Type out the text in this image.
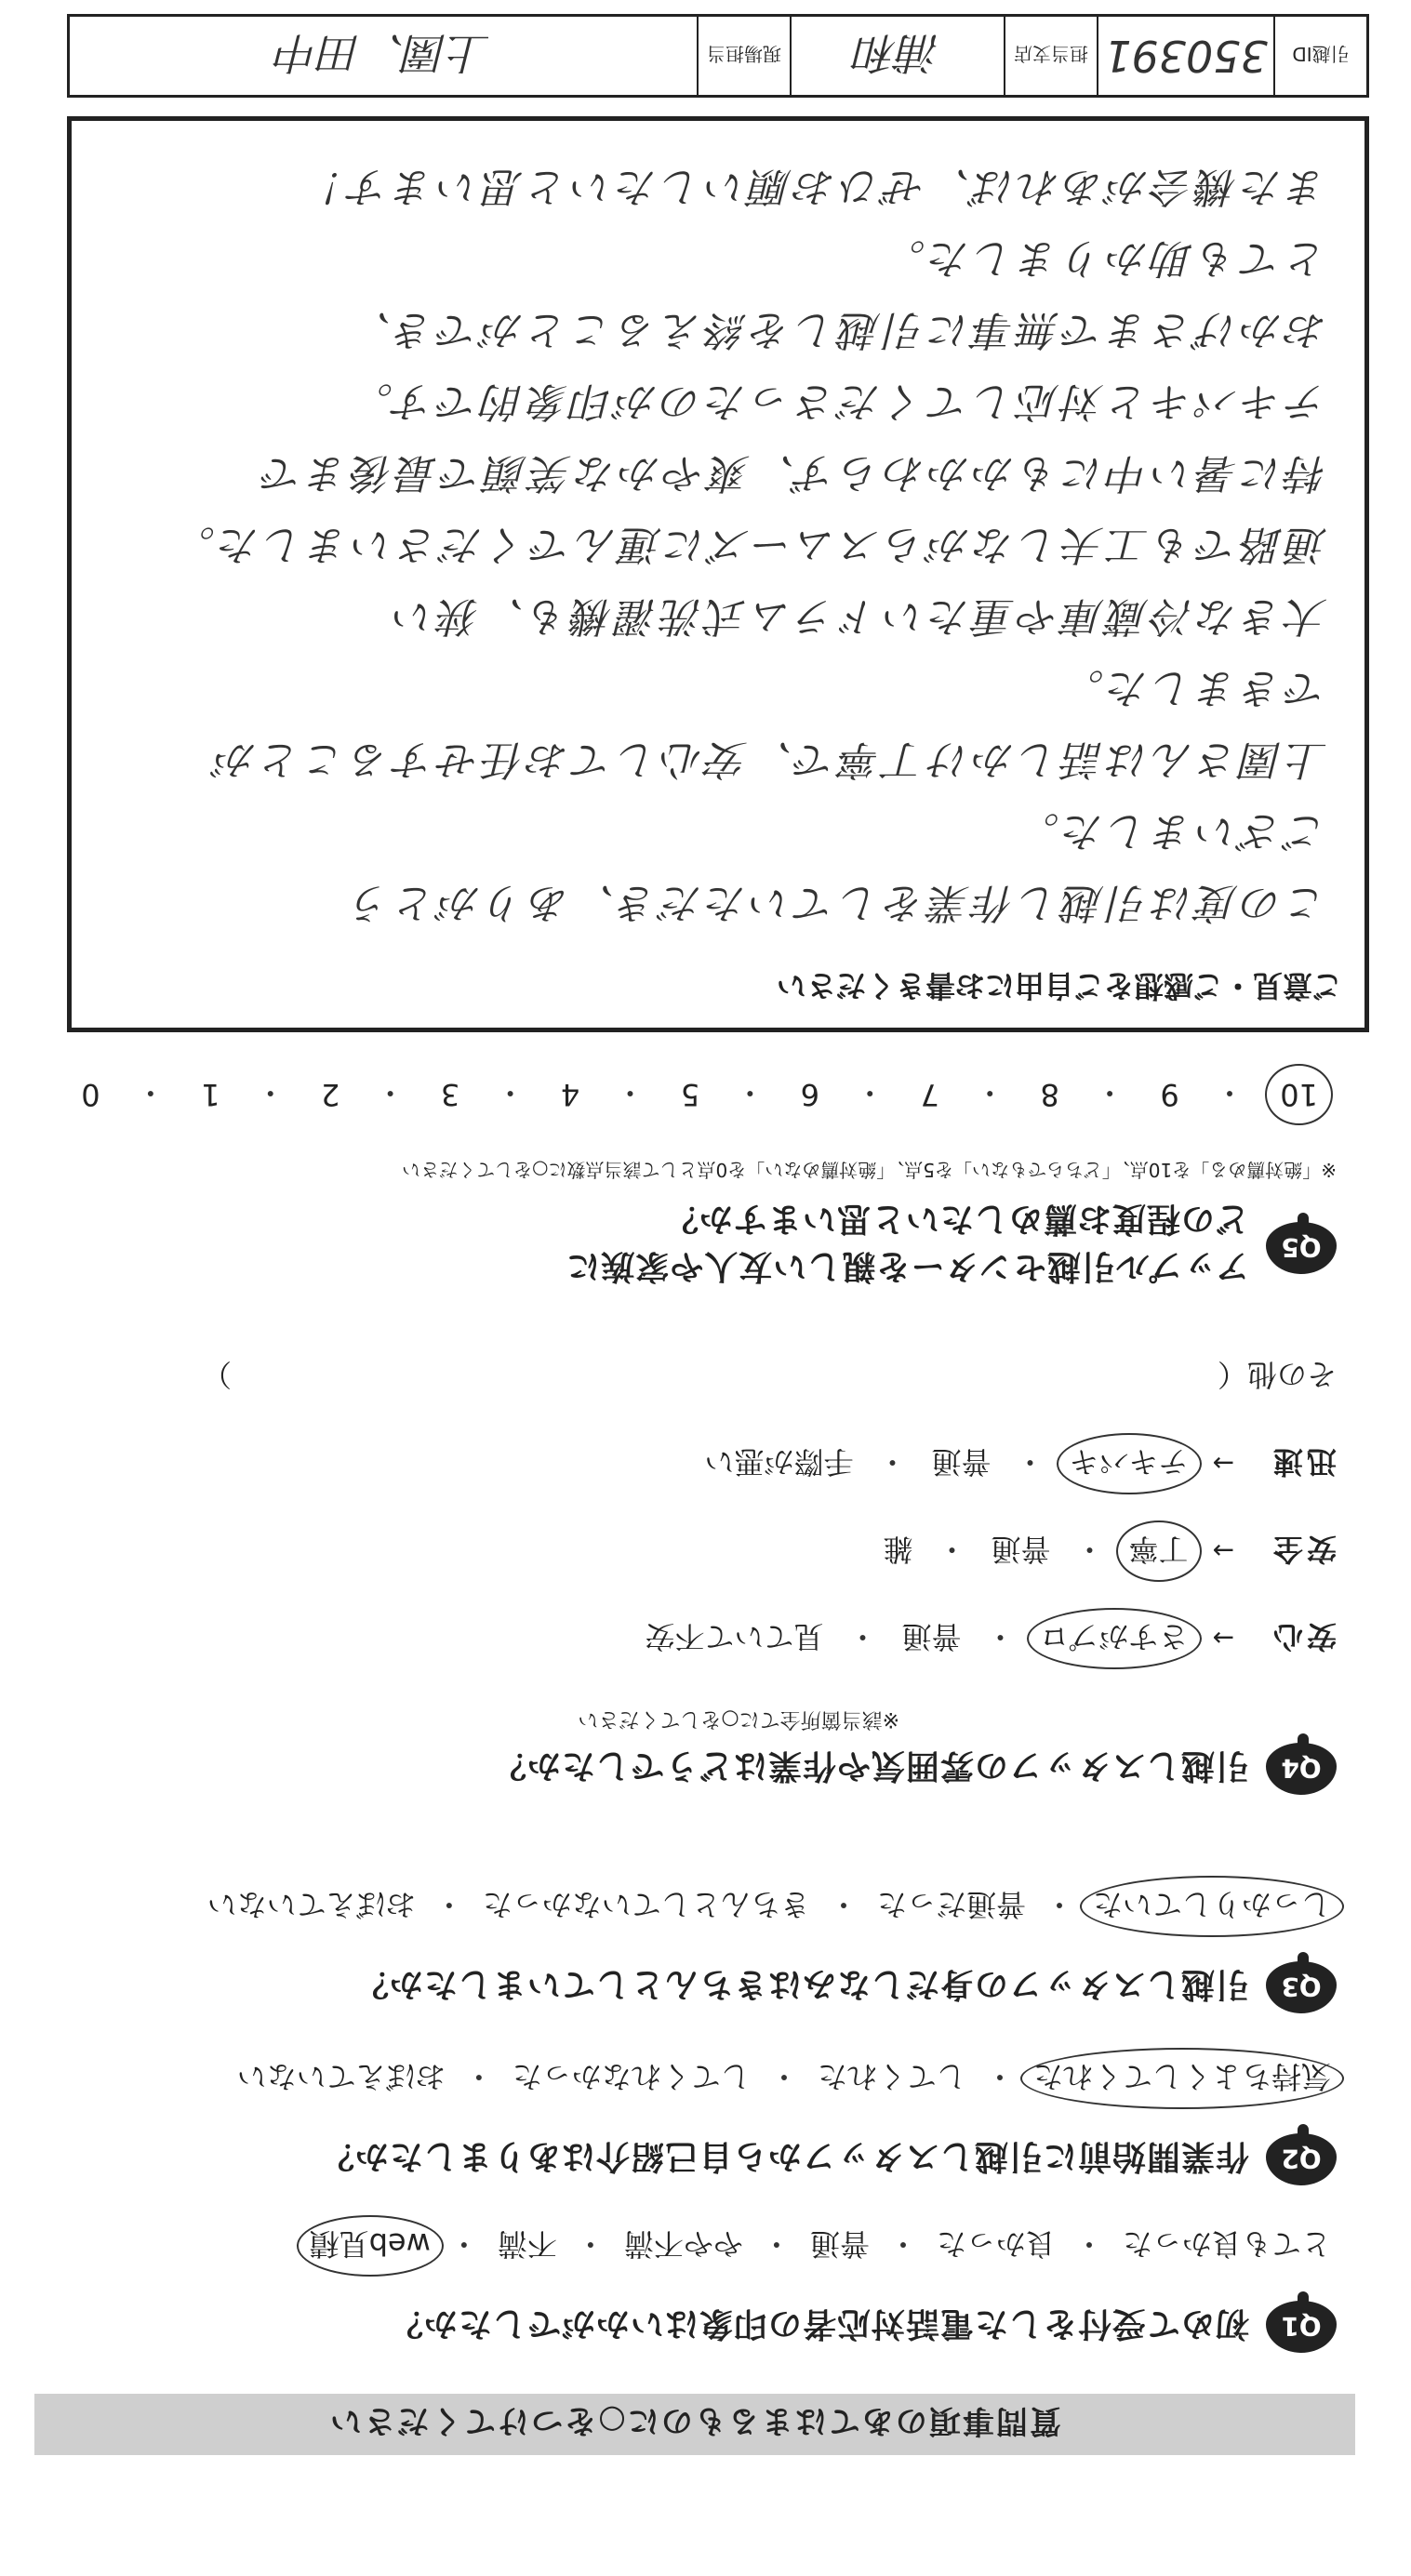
質問事項のあてはまるものに○をつけてください
Q1
初めて受付をした電話対応者の印象はいかがでしたか？
とても良かった
・
良かった
・
普通
・
やや不満
・
不満
・
web見積
Q2
作業開始前に引越しスタッフから自己紹介はありましたか？
気持ちよくしてくれた
・
してくれた
・
してくれなかった
・
おぼえていない
Q3
引越しスタッフの身だしなみはきちんとしていましたか？
しっかりしていた
・
普通だった
・
きちんとしていなかった
・
おぼえていない
Q4
引越しスタッフの雰囲気や作業はどうでしたか？
※該当箇所全てに○をしてください
安心
→
さすがプロ
・
普通
・
見ていて不安
安全
→
丁寧
・
普通
・
雑
迅速
→
テキパキ
・
普通
・
手際が悪い
その他（
）
Q5
アップル引越センターを親しい友人や家族に
どの程度お薦めしたいと思いますか？
※「絶対薦める」を10点、「どちらでもない」を5点、「絶対薦めない」を0点として該当点数に○をしてください
10
・
9
・
8
・
7
・
6
・
5
・
4
・
3
・
2
・
1
・
0
ご意見・ご感想をご自由にお書きください
この度は引越し作業をしていただき、ありがとう
ございました。
上園さんは話しかけ丁寧で、安心してお任せすることが
できました。
大きな冷蔵庫や重たいドラム式洗濯機も、狭い
通路でも工夫しながらスムーズに運んでくださいました。
特に暑い中にもかかわらず、爽やかな笑顔で最後まで
テキパキと対応してくださったのが印象的です。
おかげさまで無事に引越しを終えることができ、
とても助かりました。
また機会があれば、ぜひお願いしたいと思います！
引越ID
350391
担当支店
浦和
現場担当
上園、田中
